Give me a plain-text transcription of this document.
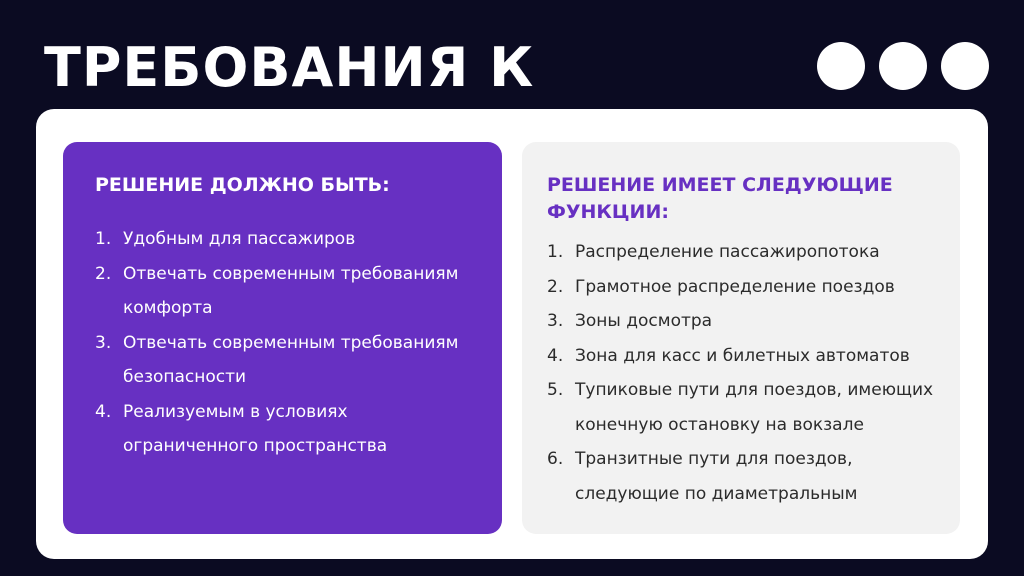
ТРЕБОВАНИЯ К
РЕШЕНИЕ ДОЛЖНО БЫТЬ:
1. Удобным для пассажиров
2. Отвечать современным требованиям комфорта
3. Отвечать современным требованиям безопасности
4. Реализуемым в условиях ограниченного пространства
РЕШЕНИЕ ИМЕЕТ СЛЕДУЮЩИЕ ФУНКЦИИ:
1. Распределение пассажиропотока
2. Грамотное распределение поездов
3. Зоны досмотра
4. Зона для касс и билетных автоматов
5. Тупиковые пути для поездов, имеющих конечную остановку на вокзале
6. Транзитные пути для поездов, следующие по диаметральным
